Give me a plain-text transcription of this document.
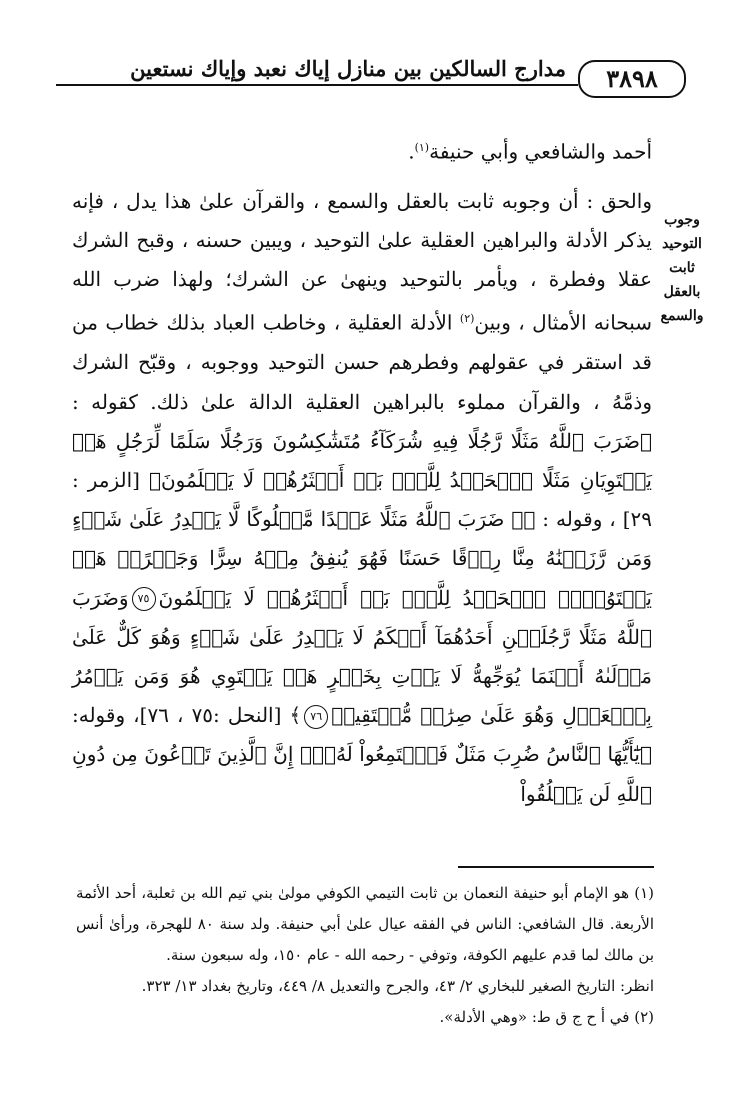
مدارج السالكين بين منازل إياك نعبد وإياك نستعين	٣٨٩٨
وجوب
التوحيد
ثابت
بالعقل
والسمع

أحمد والشافعي وأبي حنيفة$^{(١)}$.

والحق : أن وجوبه ثابت بالعقل والسمع ، والقرآن علىٰ هذا يدل ، فإنه يذكر الأدلة والبراهين العقلية علىٰ التوحيد ، ويبين حسنه ، وقبح الشرك عقلا وفطرة ، ويأمر بالتوحيد وينهىٰ عن الشرك؛ ولهذا ضرب الله سبحانه الأمثال ، وبين$^{(٢)}$ الأدلة العقلية ، وخاطب العباد بذلك خطاب من قد استقر في عقولهم وفطرهم حسن التوحيد ووجوبه ، وقبّح الشرك وذمَّهُ ، والقرآن مملوء بالبراهين العقلية الدالة علىٰ ذلك. كقوله : ﴿ضَرَبَ ٱللَّهُ مَثَلًا رَّجُلًا فِيهِ شُرَكَآءُ مُتَشَٰكِسُونَ وَرَجُلًا سَلَمًا لِّرَجُلٍ هَلۡ يَسۡتَوِيَانِ مَثَلًا ٱلۡحَمۡدُ لِلَّهِۚ بَلۡ أَكۡثَرُهُمۡ لَا يَعۡلَمُونَ﴾ [الزمر : ٢٩] ، وقوله : ﴿۞ ضَرَبَ ٱللَّهُ مَثَلًا عَبۡدًا مَّمۡلُوكًا لَّا يَقۡدِرُ عَلَىٰ شَيۡءٍ وَمَن رَّزَقۡنَٰهُ مِنَّا رِزۡقًا حَسَنًا فَهُوَ يُنفِقُ مِنۡهُ سِرًّا وَجَهۡرًاۖ هَلۡ يَسۡتَوُۥنَۚ ٱلۡحَمۡدُ لِلَّهِۚ بَلۡ أَكۡثَرُهُمۡ لَا يَعۡلَمُونَ٧٥وَضَرَبَ ٱللَّهُ مَثَلًا رَّجُلَيۡنِ أَحَدُهُمَآ أَبۡكَمُ لَا يَقۡدِرُ عَلَىٰ شَيۡءٍ وَهُوَ كَلٌّ عَلَىٰ مَوۡلَىٰهُ أَيۡنَمَا يُوَجِّههُّ لَا يَأۡتِ بِخَيۡرٍ هَلۡ يَسۡتَوِي هُوَ وَمَن يَأۡمُرُ بِٱلۡعَدۡلِ وَهُوَ عَلَىٰ صِرَٰطٖ مُّسۡتَقِيمٖ٧٦﴾ [النحل :٧٥ ، ٧٦]، وقوله: ﴿يَٰٓأَيُّهَا ٱلنَّاسُ ضُرِبَ مَثَلٌ فَٱسۡتَمِعُواْ لَهُۥٓۚ إِنَّ ٱلَّذِينَ تَدۡعُونَ مِن دُونِ ٱللَّهِ لَن يَخۡلُقُواْ

(١) هو الإمام أبو حنيفة النعمان بن ثابت التيمي الكوفي مولىٰ بني تيم الله بن ثعلبة، أحد الأئمة الأربعة. قال الشافعي: الناس في الفقه عيال علىٰ أبي حنيفة. ولد سنة ٨٠ للهجرة، ورأىٰ أنس بن مالك لما قدم عليهم الكوفة، وتوفي - رحمه الله - عام ١٥٠، وله سبعون سنة.

انظر: التاريخ الصغير للبخاري ٢/ ٤٣، والجرح والتعديل ٨/ ٤٤٩، وتاريخ بغداد ١٣/ ٣٢٣.

(٢) في أ ح ج ق ط: «وهي الأدلة».
